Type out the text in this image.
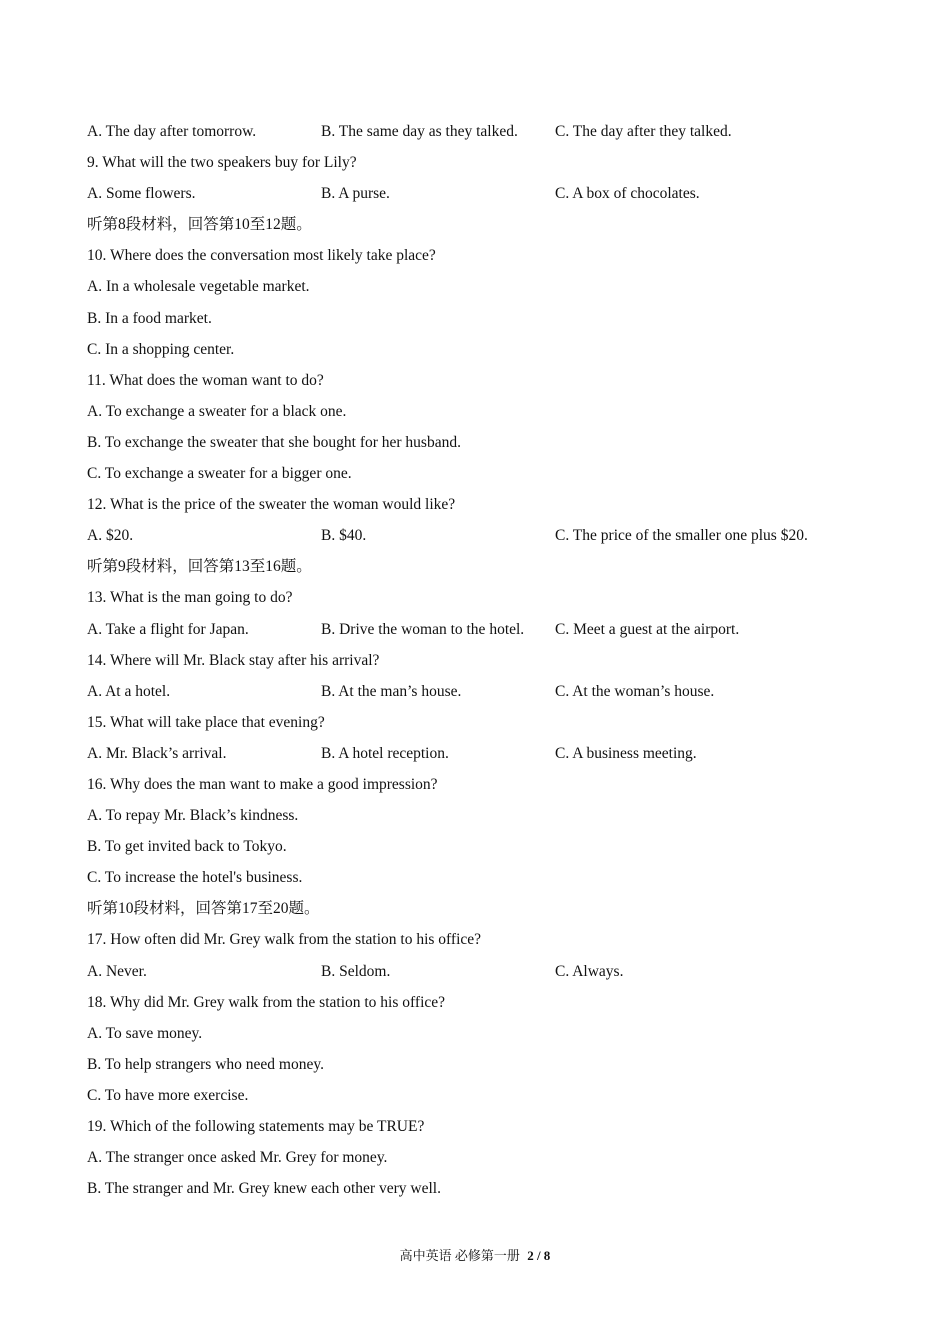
A. The day after tomorrow.	B. The same day as they talked. C. The day after they talked.
9. What will the two speakers buy for Lily?
A. Some flowers.	B. A purse.	C. A box of chocolates.
听第8段材料，回答第10至12题。
10. Where does the conversation most likely take place?
A. In a wholesale vegetable market.
B. In a food market.
C. In a shopping center.
11. What does the woman want to do?
A. To exchange a sweater for a black one.
B. To exchange the sweater that she bought for her husband.
C. To exchange a sweater for a bigger one.
12. What is the price of the sweater the woman would like?
A. $20.	B. $40.	C. The price of the smaller one plus $20.
听第9段材料，回答第13至16题。
13. What is the man going to do?
A. Take a flight for Japan.	B. Drive the woman to the hotel. C. Meet a guest at the airport.
14. Where will Mr. Black stay after his arrival?
A. At a hotel.	B. At the man’s house.	C. At the woman’s house.
15. What will take place that evening?
A. Mr. Black’s arrival.	B. A hotel reception.	C. A business meeting.
16. Why does the man want to make a good impression?
A. To repay Mr. Black’s kindness.
B. To get invited back to Tokyo.
C. To increase the hotel's business.
听第10段材料，回答第17至20题。
17. How often did Mr. Grey walk from the station to his office?
A. Never.	B. Seldom.	C. Always.
18. Why did Mr. Grey walk from the station to his office?
A. To save money.
B. To help strangers who need money.
C. To have more exercise.
19. Which of the following statements may be TRUE?
A. The stranger once asked Mr. Grey for money.
B. The stranger and Mr. Grey knew each other very well.
高中英语 必修第一册 2 / 8
